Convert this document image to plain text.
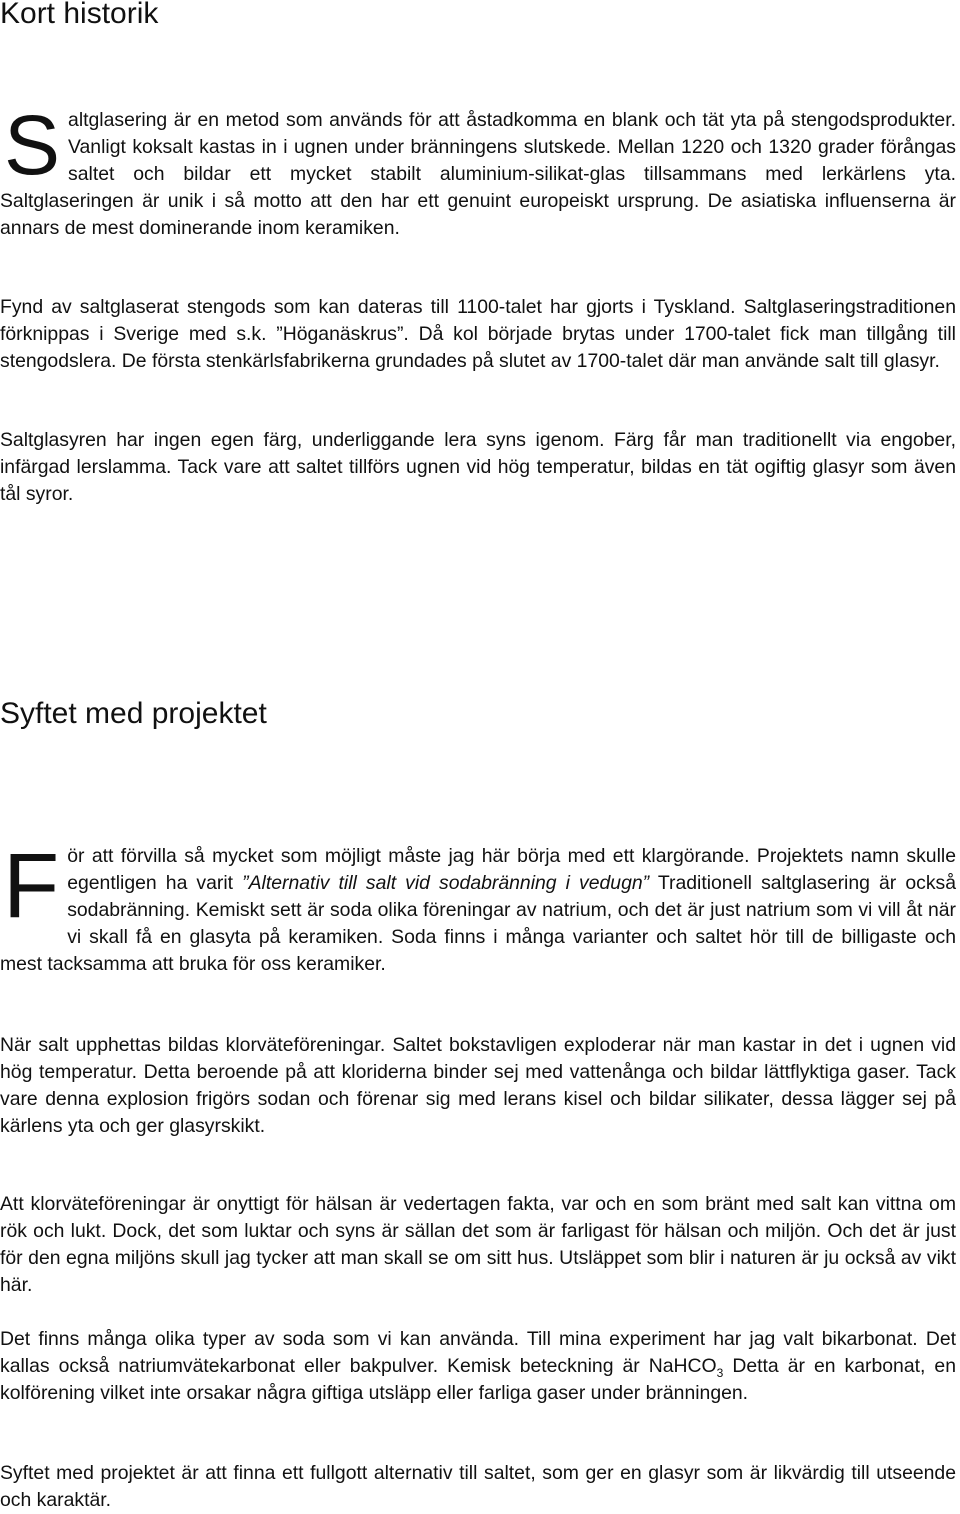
Kort historik

Saltglasering är en metod som används för att åstadkomma en blank och tät yta på stengodsprodukter. Vanligt koksalt kastas in i ugnen under bränningens slutskede. Mellan 1220 och 1320 grader förångas saltet och bildar ett mycket stabilt aluminium-silikat-glas tillsammans med lerkärlens yta. Saltglaseringen är unik i så motto att den har ett genuint europeiskt ursprung. De asiatiska influenserna är annars de mest dominerande inom keramiken.

Fynd av saltglaserat stengods som kan dateras till 1100-talet har gjorts i Tyskland. Saltglaseringstraditionen förknippas i Sverige med s.k. ”Höganäskrus”. Då kol började brytas under 1700-talet fick man tillgång till stengodslera. De första stenkärlsfabrikerna grundades på slutet av 1700-talet där man använde salt till glasyr.

Saltglasyren har ingen egen färg, underliggande lera syns igenom. Färg får man traditionellt via engober, infärgad lerslamma. Tack vare att saltet tillförs ugnen vid hög temperatur, bildas en tät ogiftig glasyr som även tål syror.

Syftet med projektet

För att förvilla så mycket som möjligt måste jag här börja med ett klargörande. Projektets namn skulle egentligen ha varit ”Alternativ till salt vid sodabränning i vedugn” Traditionell saltglasering är också sodabränning. Kemiskt sett är soda olika föreningar av natrium, och det är just natrium som vi vill åt när vi skall få en glasyta på keramiken. Soda finns i många varianter och saltet hör till de billigaste och mest tacksamma att bruka för oss keramiker.

När salt upphettas bildas klorväteföreningar. Saltet bokstavligen exploderar när man kastar in det i ugnen vid hög temperatur. Detta beroende på att kloriderna binder sej med vattenånga och bildar lättflyktiga gaser. Tack vare denna explosion frigörs sodan och förenar sig med lerans kisel och bildar silikater, dessa lägger sej på kärlens yta och ger glasyrskikt.

Att klorväteföreningar är onyttigt för hälsan är vedertagen fakta, var och en som bränt med salt kan vittna om rök och lukt. Dock, det som luktar och syns är sällan det som är farligast för hälsan och miljön. Och det är just för den egna miljöns skull jag tycker att man skall se om sitt hus. Utsläppet som blir i naturen är ju också av vikt här.

Det finns många olika typer av soda som vi kan använda. Till mina experiment har jag valt bikarbonat. Det kallas också natriumvätekarbonat eller bakpulver. Kemisk beteckning är NaHCO$_3$ Detta är en karbonat, en kolförening vilket inte orsakar några giftiga utsläpp eller farliga gaser under bränningen.

Syftet med projektet är att finna ett fullgott alternativ till saltet, som ger en glasyr som är likvärdig till utseende och karaktär.
